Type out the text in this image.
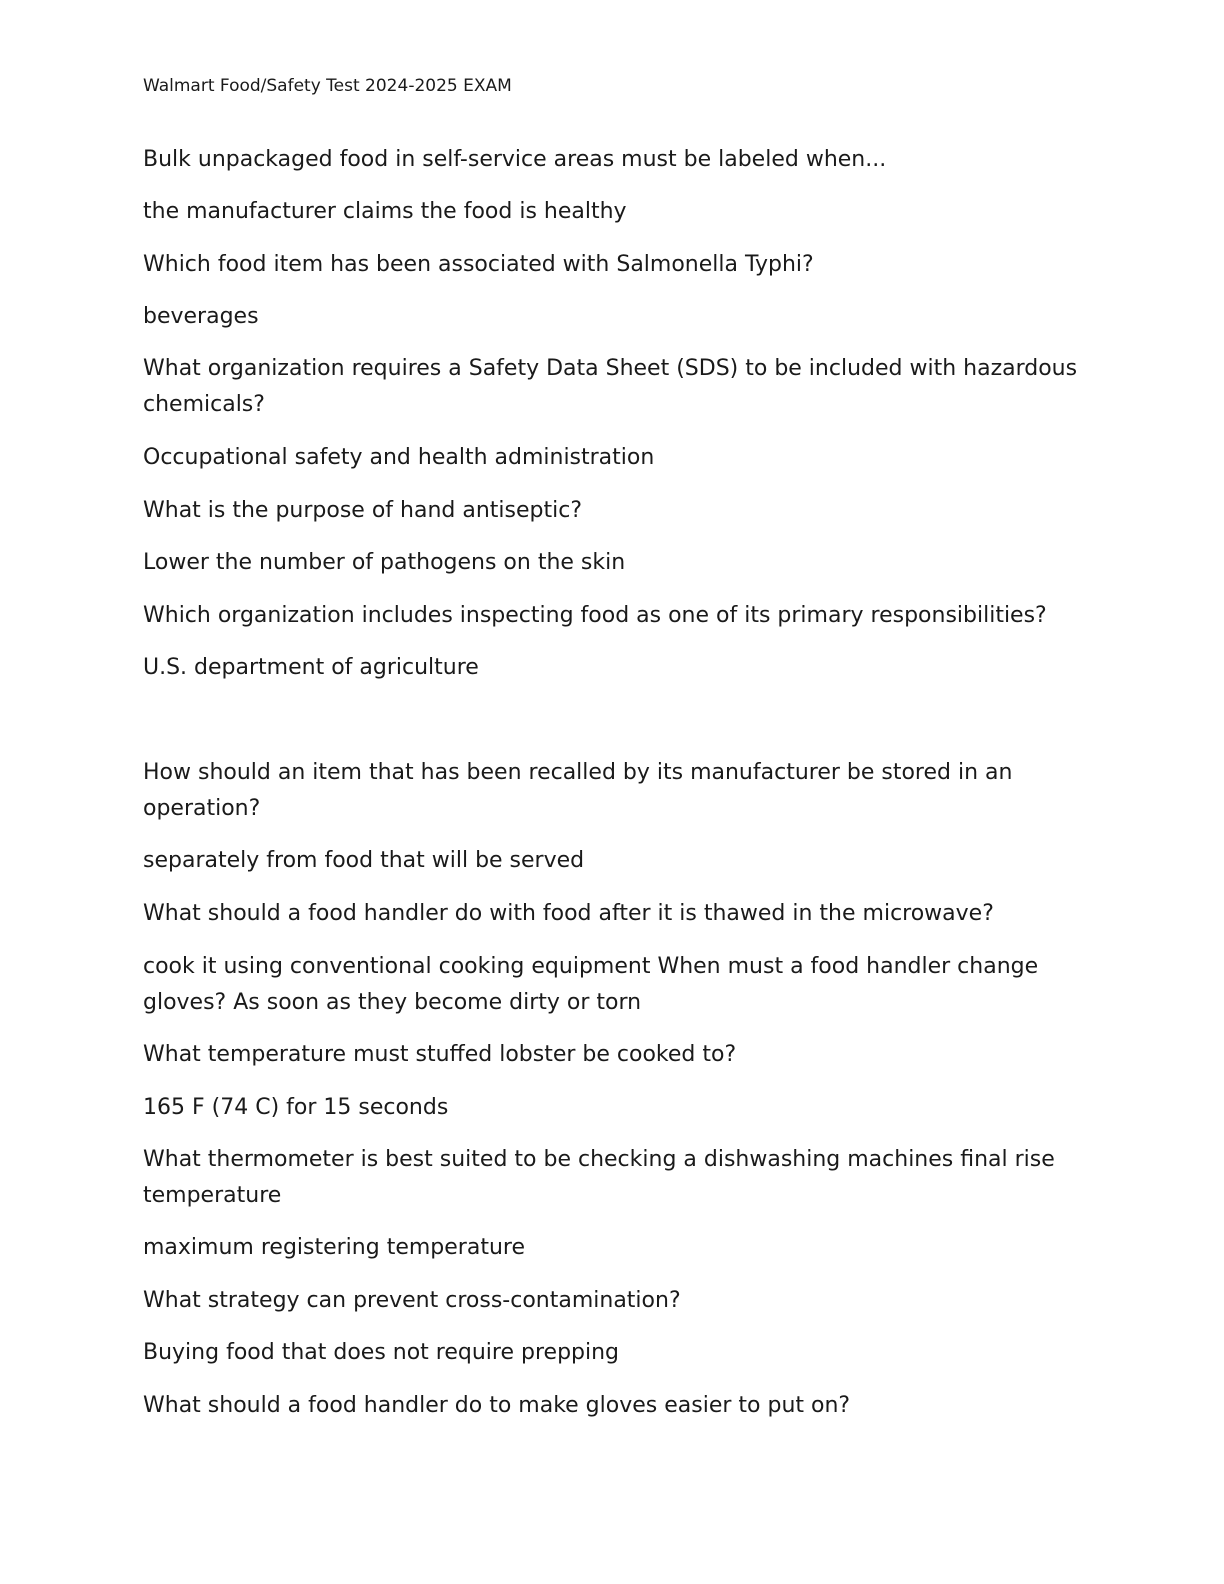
Walmart Food/Safety Test 2024-2025 EXAM

Bulk unpackaged food in self-service areas must be labeled when...

the manufacturer claims the food is healthy

Which food item has been associated with Salmonella Typhi?

beverages

What organization requires a Safety Data Sheet (SDS) to be included with hazardous chemicals?

Occupational safety and health administration

What is the purpose of hand antiseptic?

Lower the number of pathogens on the skin

Which organization includes inspecting food as one of its primary responsibilities?

U.S. department of agriculture

How should an item that has been recalled by its manufacturer be stored in an operation?

separately from food that will be served

What should a food handler do with food after it is thawed in the microwave?

cook it using conventional cooking equipment When must a food handler change gloves? As soon as they become dirty or torn

What temperature must stuffed lobster be cooked to?

165 F (74 C) for 15 seconds

What thermometer is best suited to be checking a dishwashing machines final rise temperature

maximum registering temperature

What strategy can prevent cross-contamination?

Buying food that does not require prepping

What should a food handler do to make gloves easier to put on?
